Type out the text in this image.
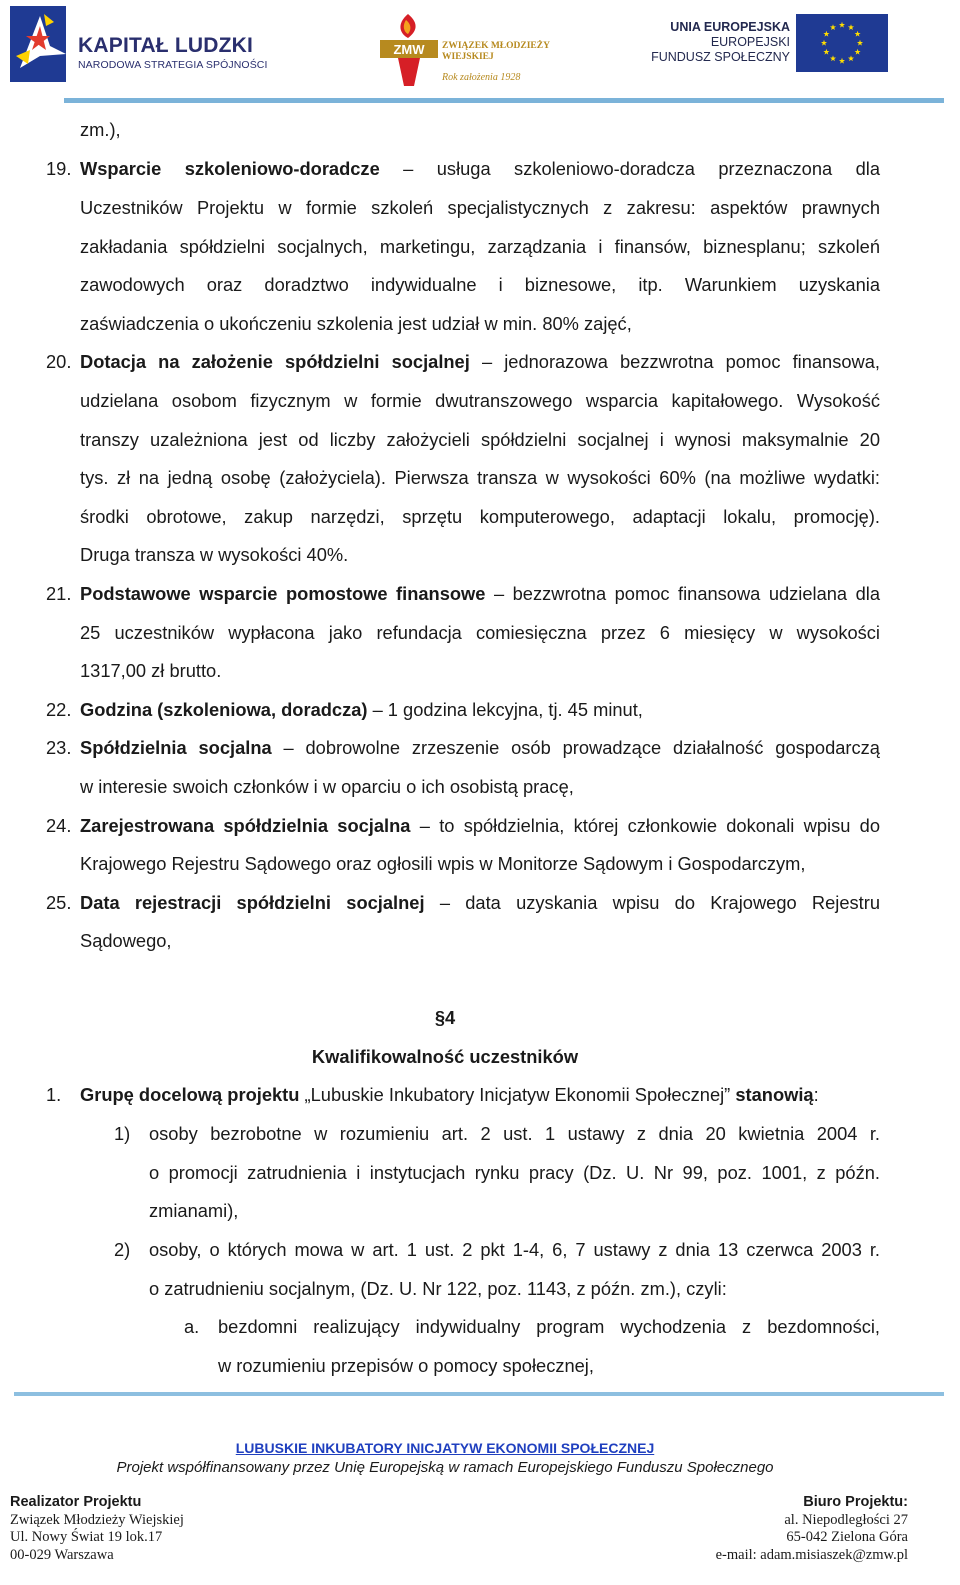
KAPITAŁ LUDZKI
NARODOWA STRATEGIA SPÓJNOŚCI
ZMW ZWIĄZEK MŁODZIEŻY
WIEJSKIEJ
Rok założenia 1928
UNIA EUROPEJSKA
EUROPEJSKI
FUNDUSZ SPOŁECZNY
zm.),
19. Wsparcie szkoleniowo-doradcze – usługa szkoleniowo-doradcza przeznaczona dla
Uczestników Projektu w formie szkoleń specjalistycznych z zakresu: aspektów prawnych
zakładania spółdzielni socjalnych, marketingu, zarządzania i finansów, biznesplanu; szkoleń
zawodowych oraz doradztwo indywidualne i biznesowe, itp. Warunkiem uzyskania
zaświadczenia o ukończeniu szkolenia jest udział w min. 80% zajęć,
20. Dotacja na założenie spółdzielni socjalnej – jednorazowa bezzwrotna pomoc finansowa,
udzielana osobom fizycznym w formie dwutranszowego wsparcia kapitałowego. Wysokość
transzy uzależniona jest od liczby założycieli spółdzielni socjalnej i wynosi maksymalnie 20
tys. zł na jedną osobę (założyciela). Pierwsza transza w wysokości 60% (na możliwe wydatki:
środki obrotowe, zakup narzędzi, sprzętu komputerowego, adaptacji lokalu, promocję).
Druga transza w wysokości 40%.
21. Podstawowe wsparcie pomostowe finansowe – bezzwrotna pomoc finansowa udzielana dla
25 uczestników wypłacona jako refundacja comiesięczna przez 6 miesięcy w wysokości
1317,00 zł brutto.
22. Godzina (szkoleniowa, doradcza) – 1 godzina lekcyjna, tj. 45 minut,
23. Spółdzielnia socjalna – dobrowolne zrzeszenie osób prowadzące działalność gospodarczą
w interesie swoich członków i w oparciu o ich osobistą pracę,
24. Zarejestrowana spółdzielnia socjalna – to spółdzielnia, której członkowie dokonali wpisu do
Krajowego Rejestru Sądowego oraz ogłosili wpis w Monitorze Sądowym i Gospodarczym,
25. Data rejestracji spółdzielni socjalnej – data uzyskania wpisu do Krajowego Rejestru
Sądowego,
§4
Kwalifikowalność uczestników
1. Grupę docelową projektu „Lubuskie Inkubatory Inicjatyw Ekonomii Społecznej” stanowią:
1) osoby bezrobotne w rozumieniu art. 2 ust. 1 ustawy z dnia 20 kwietnia 2004 r.
o promocji zatrudnienia i instytucjach rynku pracy (Dz. U. Nr 99, poz. 1001, z późn.
zmianami),
2) osoby, o których mowa w art. 1 ust. 2 pkt 1-4, 6, 7 ustawy z dnia 13 czerwca 2003 r.
o zatrudnieniu socjalnym, (Dz. U. Nr 122, poz. 1143, z późn. zm.), czyli:
a. bezdomni realizujący indywidualny program wychodzenia z bezdomności,
w rozumieniu przepisów o pomocy społecznej,
LUBUSKIE INKUBATORY INICJATYW EKONOMII SPOŁECZNEJ
Projekt współfinansowany przez Unię Europejską w ramach Europejskiego Funduszu Społecznego
Realizator Projektu
Związek Młodzieży Wiejskiej
Ul. Nowy Świat 19 lok.17
00-029 Warszawa
Biuro Projektu:
al. Niepodległości 27
65-042 Zielona Góra
e-mail: adam.misiaszek@zmw.pl
